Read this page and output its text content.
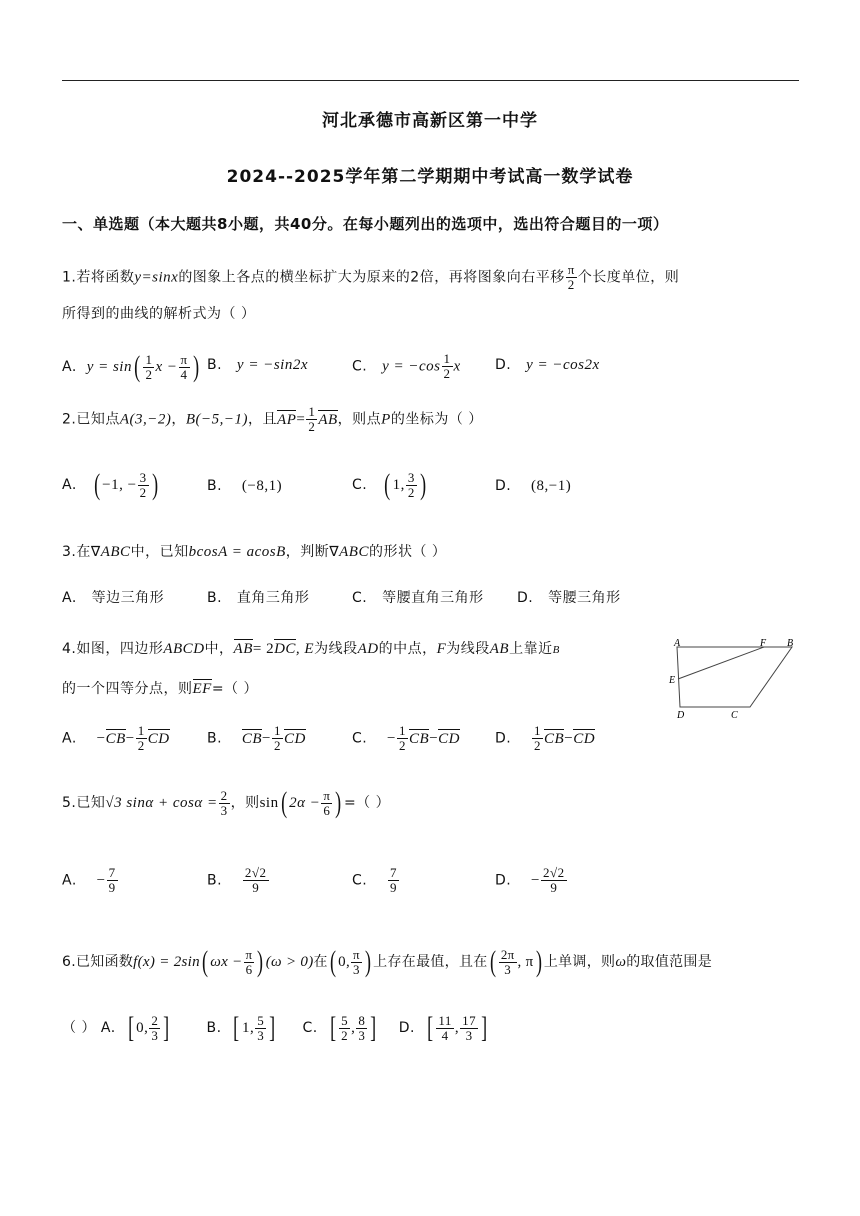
河北承德市高新区第一中学
2024--2025学年第二学期期中考试高一数学试卷
一、单选题（本大题共8小题，共40分。在每小题列出的选项中，选出符合题目的一项）
1.若将函数y=sinx的图象上各点的横坐标扩大为原来的2倍，再将图象向右平移 $\frac{\pi}{2}$ 个长度单位，则
所得到的曲线的解析式为（ ）
A. $y = \sin( \frac{1}{2}$ $x - \frac{\pi}{4}$ ) B. y = −sin2x	C. $y = -\cos \frac{1}{2}$ x D. y = −cos2x
2.已知点A(3,−2)，B(−5,−1)，且$AP= \frac{1}{2}$ AB，则点P的坐标为（ ）
A. ( −1, − $\frac{3}{2}$ )	B. (−8,1)	C. ( 1, $\frac{3}{2}$ )	D. (8,−1)
3.在∇ABC中，已知bcosA = acosB，判断∇ABC的形状（ ）
A. 等边三角形	B. 直角三角形	C. 等腰直角三角形 D. 等腰三角形
4.如图，四边形ABCD中，AB= 2DC, E为线段AD的中点，F为线段AB上靠近B
的一个四等分点，则EF=（ ）
A	F B
E
D	C
A. $-CB- \frac{1}{2}$ CD	B. $CB- \frac{1}{2}$ CD	C. − $\frac{1}{2} CB-CD$	D. $\frac{1}{2} CB-CD$
5.已知√3 $\sin\alpha + \cos\alpha = \frac{2}{3}$ ，则sin( $2\alpha - \frac{\pi}{6}$ ) =（ ）
A. − $\frac{7}{9}$	B. $\frac{2√2}{9}$	C. $\frac{7}{9}$	D. − $\frac{2√2}{9}$
6.已知函数f(x) = 2sin( $\omega x - \frac{\pi}{6}$ ) (ω > 0)在( 0, $\frac{\pi}{3}$ ) 上存在最值，且在( $\frac{2\pi}{3}$ , π) 上单调，则ω的取值范围是
（ ） A. [ 0, $\frac{2}{3}$ ]	B. [ 1, $\frac{5}{3}$ ] C. [ $\frac{5}{2}$ , $\frac{8}{3}$ ] D. [ $\frac{11}{4}$ , $\frac{17}{3}$ ]
